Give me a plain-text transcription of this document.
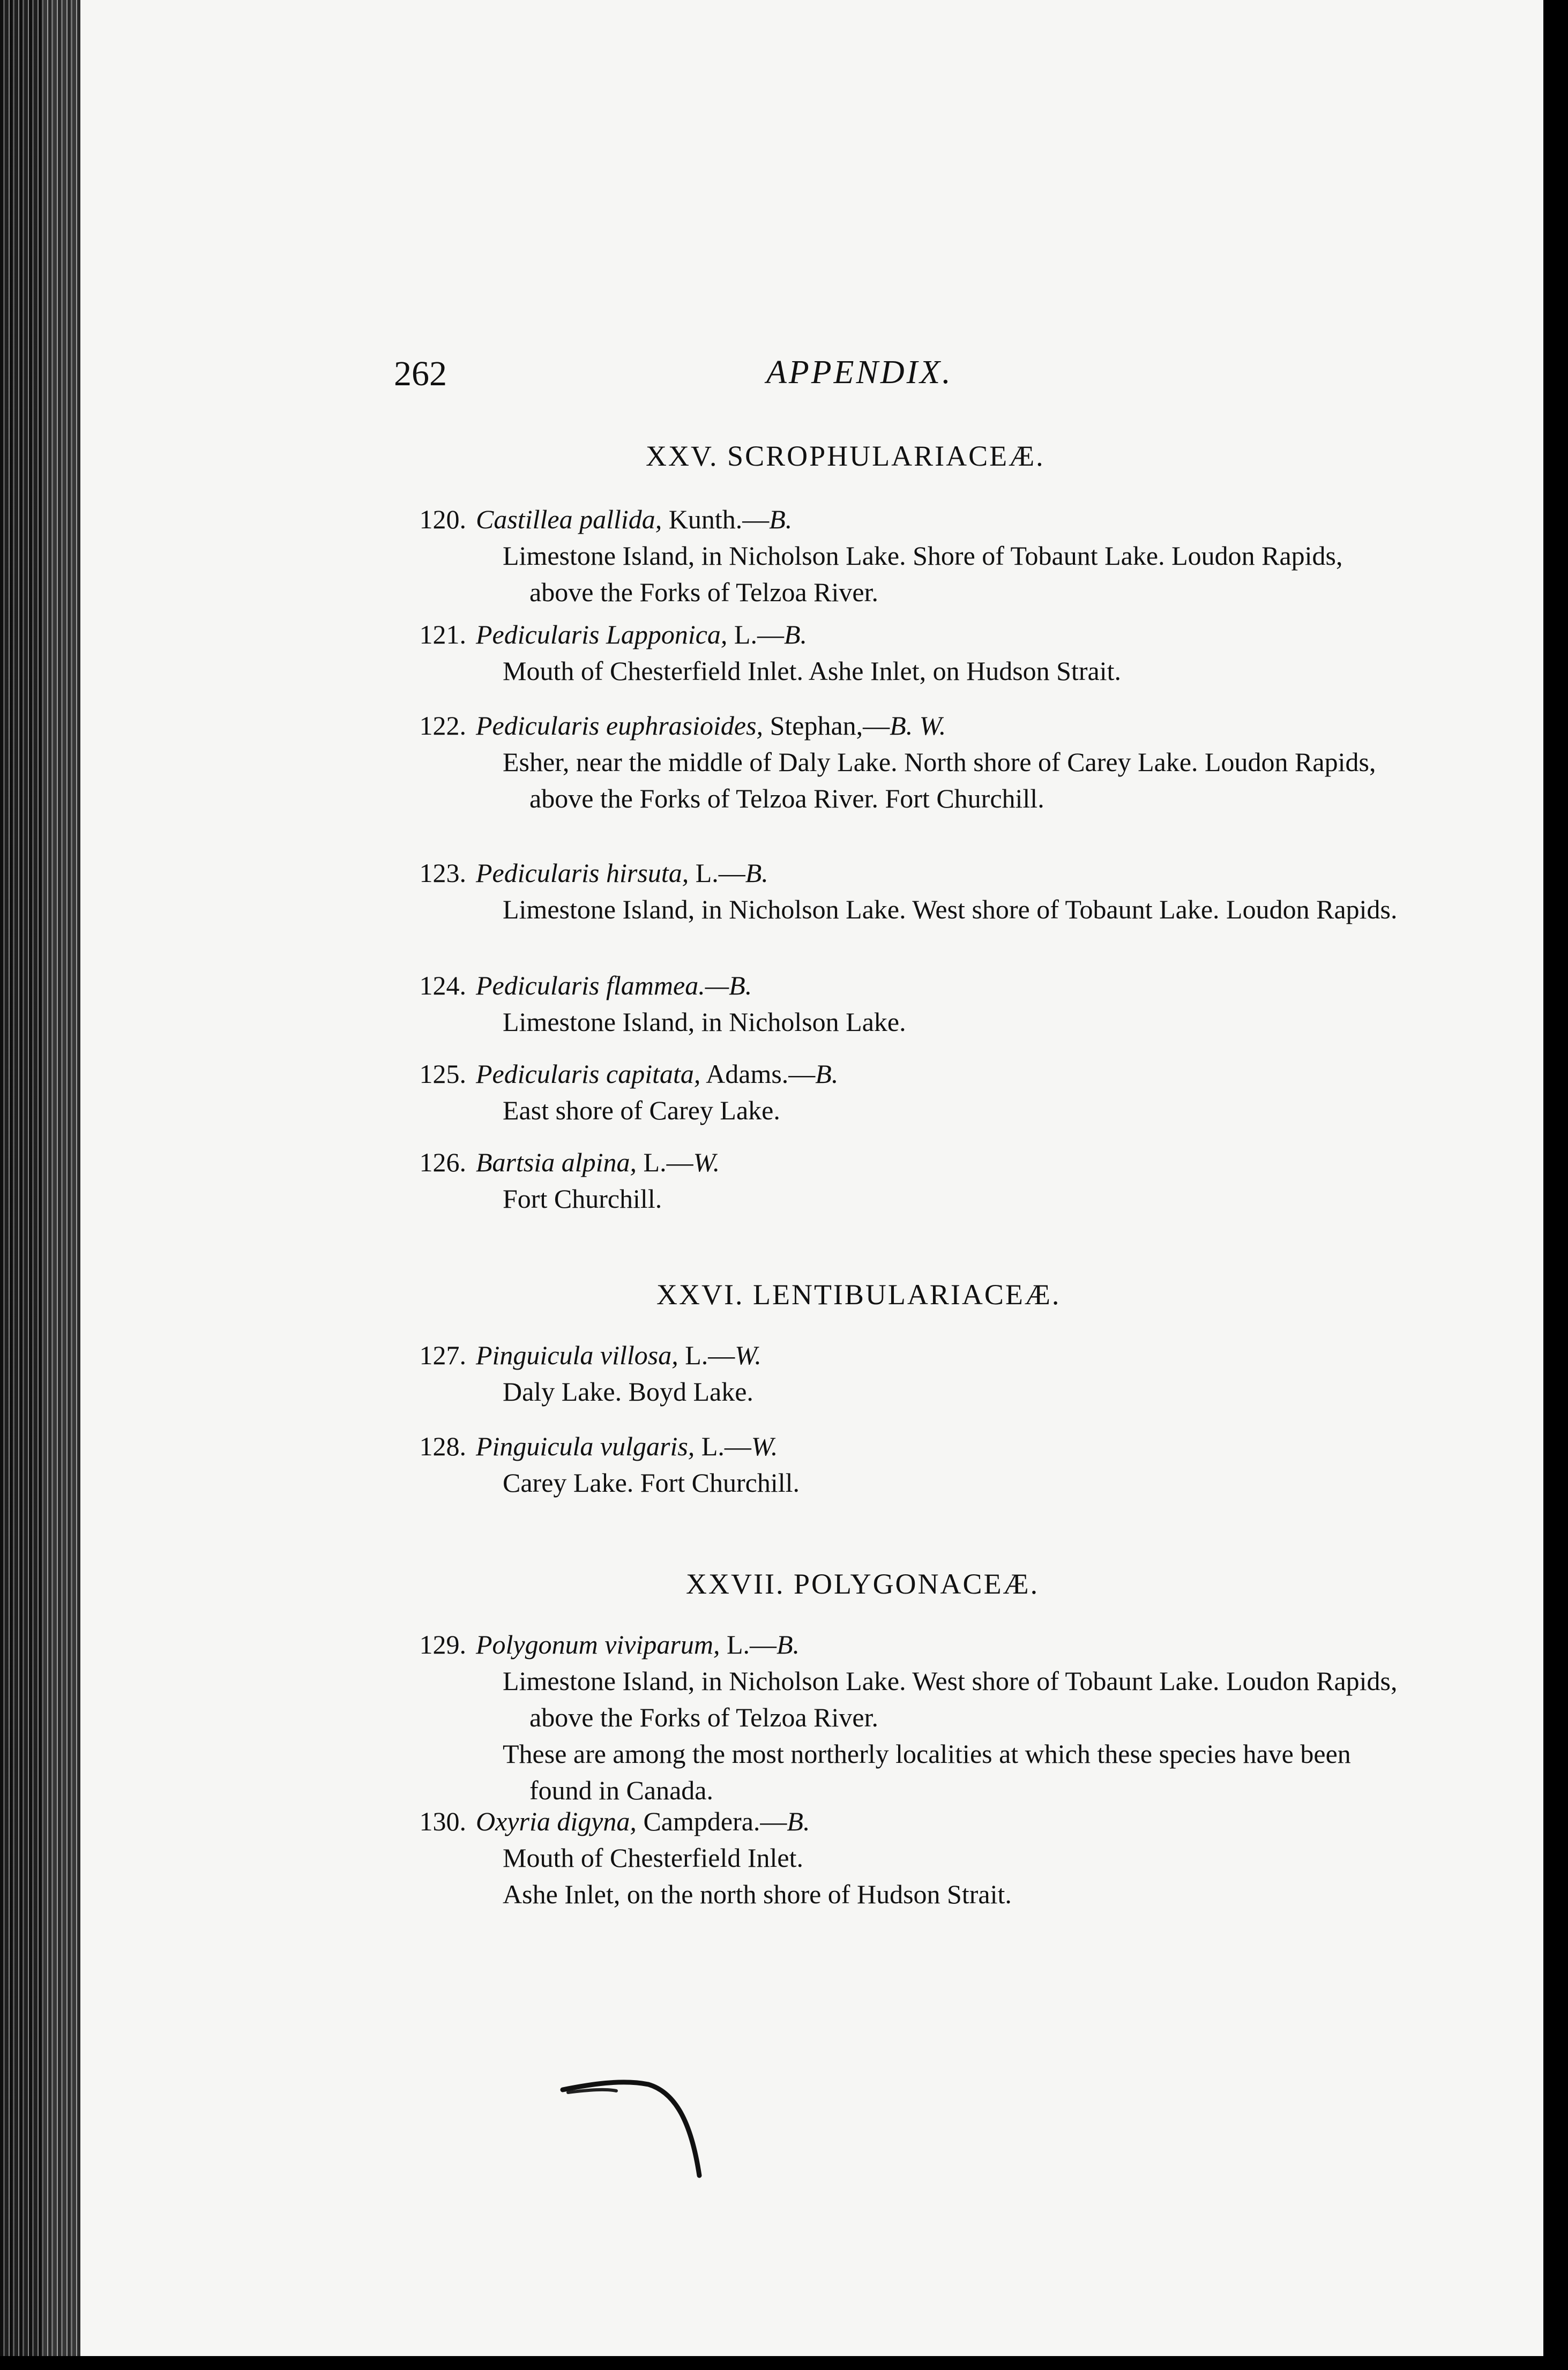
262	APPENDIX.
XXV. SCROPHULARIACEÆ.
120. Castillea pallida, Kunth.—B.
Limestone Island, in Nicholson Lake. Shore of Tobaunt Lake. Loudon Rapids, above the Forks of Telzoa River.
121. Pedicularis Lapponica, L.—B.
Mouth of Chesterfield Inlet. Ashe Inlet, on Hudson Strait.
122. Pedicularis euphrasioides, Stephan,—B. W.
Esher, near the middle of Daly Lake. North shore of Carey Lake. Loudon Rapids, above the Forks of Telzoa River. Fort Churchill.
123. Pedicularis hirsuta, L.—B.
Limestone Island, in Nicholson Lake. West shore of Tobaunt Lake. Loudon Rapids.
124. Pedicularis flammea.—B.
Limestone Island, in Nicholson Lake.
125. Pedicularis capitata, Adams.—B.
East shore of Carey Lake.
126. Bartsia alpina, L.—W.
Fort Churchill.
XXVI. LENTIBULARIACEÆ.
127. Pinguicula villosa, L.—W.
Daly Lake. Boyd Lake.
128. Pinguicula vulgaris, L.—W.
Carey Lake. Fort Churchill.
XXVII. POLYGONACEÆ.
129. Polygonum viviparum, L.—B.
Limestone Island, in Nicholson Lake. West shore of Tobaunt Lake. Loudon Rapids, above the Forks of Telzoa River.
These are among the most northerly localities at which these species have been found in Canada.
130. Oxyria digyna, Campdera.—B.
Mouth of Chesterfield Inlet.
Ashe Inlet, on the north shore of Hudson Strait.
